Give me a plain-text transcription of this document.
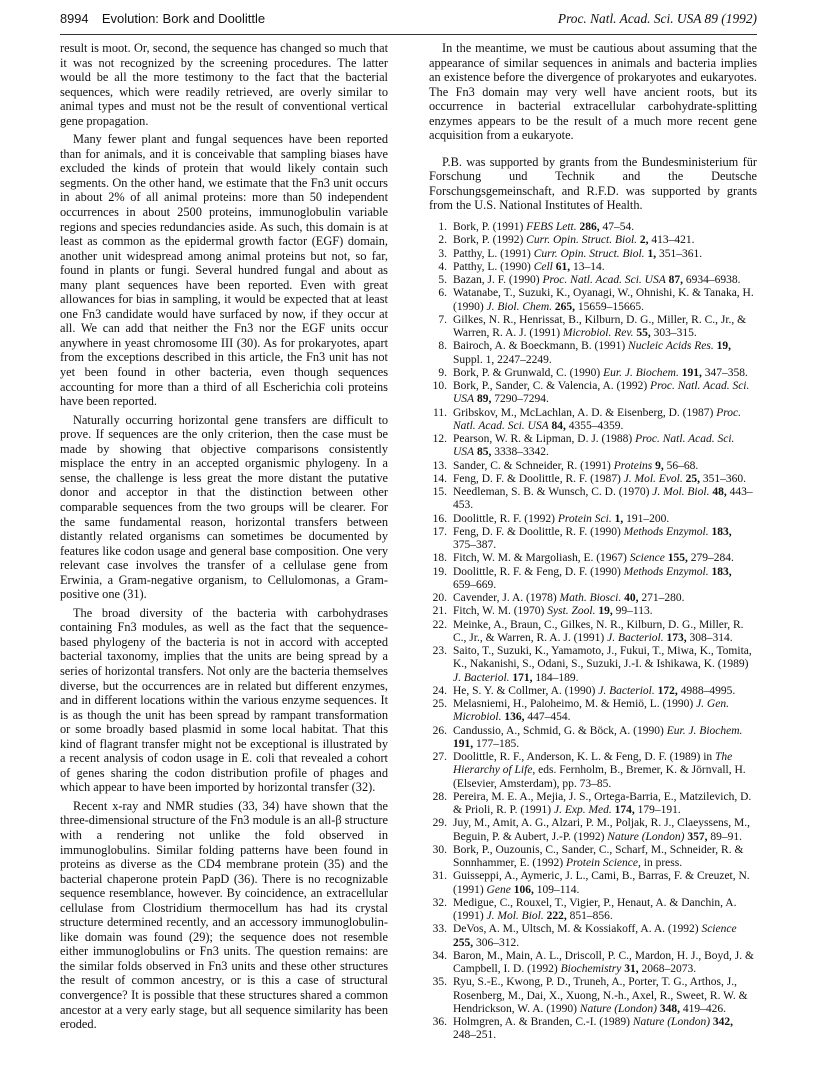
8994 Evolution: Bork and Doolittle	Proc. Natl. Acad. Sci. USA 89 (1992)

result is moot. Or, second, the sequence has changed so much that it was not recognized by the screening procedures. The latter would be all the more testimony to the fact that the bacterial sequences, which were readily retrieved, are overly similar to animal types and must not be the result of conventional vertical gene propagation.

Many fewer plant and fungal sequences have been reported than for animals, and it is conceivable that sampling biases have excluded the kinds of protein that would likely contain such segments. On the other hand, we estimate that the Fn3 unit occurs in about 2% of all animal proteins: more than 50 independent occurrences in about 2500 proteins, immunoglobulin variable regions and species redundancies aside. As such, this domain is at least as common as the epidermal growth factor (EGF) domain, another unit widespread among animal proteins but not, so far, found in plants or fungi. Several hundred fungal and about as many plant sequences have been reported. Even with great allowances for bias in sampling, it would be expected that at least one Fn3 candidate would have surfaced by now, if they occur at all. We can add that neither the Fn3 nor the EGF units occur anywhere in yeast chromosome III (30). As for prokaryotes, apart from the exceptions described in this article, the Fn3 unit has not yet been found in other bacteria, even though sequences accounting for more than a third of all Escherichia coli proteins have been reported.

Naturally occurring horizontal gene transfers are difficult to prove. If sequences are the only criterion, then the case must be made by showing that objective comparisons consistently misplace the entry in an accepted organismic phylogeny. In a sense, the challenge is less great the more distant the putative donor and acceptor in that the distinction between other comparable sequences from the two groups will be clearer. For the same fundamental reason, horizontal transfers between distantly related organisms can sometimes be documented by features like codon usage and general base composition. One very relevant case involves the transfer of a cellulase gene from Erwinia, a Gram-negative organism, to Cellulomonas, a Gram-positive one (31).

The broad diversity of the bacteria with carbohydrases containing Fn3 modules, as well as the fact that the sequence-based phylogeny of the bacteria is not in accord with accepted bacterial taxonomy, implies that the units are being spread by a series of horizontal transfers. Not only are the bacteria themselves diverse, but the occurrences are in related but different enzymes, and in different locations within the various enzyme sequences. It is as though the unit has been spread by rampant transformation or some broadly based plasmid in some local habitat. That this kind of flagrant transfer might not be exceptional is illustrated by a recent analysis of codon usage in E. coli that revealed a cohort of genes sharing the codon distribution profile of phages and which appear to have been imported by horizontal transfer (32).

Recent x-ray and NMR studies (33, 34) have shown that the three-dimensional structure of the Fn3 module is an all-β structure with a rendering not unlike the fold observed in immunoglobulins. Similar folding patterns have been found in proteins as diverse as the CD4 membrane protein (35) and the bacterial chaperone protein PapD (36). There is no recognizable sequence resemblance, however. By coincidence, an extracellular cellulase from Clostridium thermocellum has had its crystal structure determined recently, and an accessory immunoglobulin-like domain was found (29); the sequence does not resemble either immunoglobulins or Fn3 units. The question remains: are the similar folds observed in Fn3 units and these other structures the result of common ancestry, or is this a case of structural convergence? It is possible that these structures shared a common ancestor at a very early stage, but all sequence similarity has been eroded.

In the meantime, we must be cautious about assuming that the appearance of similar sequences in animals and bacteria implies an existence before the divergence of prokaryotes and eukaryotes. The Fn3 domain may very well have ancient roots, but its occurrence in bacterial extracellular carbohydrate-splitting enzymes appears to be the result of a much more recent gene acquisition from a eukaryote.

P.B. was supported by grants from the Bundesministerium für Forschung und Technik and the Deutsche Forschungsgemeinschaft, and R.F.D. was supported by grants from the U.S. National Institutes of Health.

1. Bork, P. (1991) FEBS Lett. 286, 47–54.
2. Bork, P. (1992) Curr. Opin. Struct. Biol. 2, 413–421.
3. Patthy, L. (1991) Curr. Opin. Struct. Biol. 1, 351–361.
4. Patthy, L. (1990) Cell 61, 13–14.
5. Bazan, J. F. (1990) Proc. Natl. Acad. Sci. USA 87, 6934–6938.
6. Watanabe, T., Suzuki, K., Oyanagi, W., Ohnishi, K. & Tanaka, H. (1990) J. Biol. Chem. 265, 15659–15665.
7. Gilkes, N. R., Henrissat, B., Kilburn, D. G., Miller, R. C., Jr., & Warren, R. A. J. (1991) Microbiol. Rev. 55, 303–315.
8. Bairoch, A. & Boeckmann, B. (1991) Nucleic Acids Res. 19, Suppl. 1, 2247–2249.
9. Bork, P. & Grunwald, C. (1990) Eur. J. Biochem. 191, 347–358.
10. Bork, P., Sander, C. & Valencia, A. (1992) Proc. Natl. Acad. Sci. USA 89, 7290–7294.
11. Gribskov, M., McLachlan, A. D. & Eisenberg, D. (1987) Proc. Natl. Acad. Sci. USA 84, 4355–4359.
12. Pearson, W. R. & Lipman, D. J. (1988) Proc. Natl. Acad. Sci. USA 85, 3338–3342.
13. Sander, C. & Schneider, R. (1991) Proteins 9, 56–68.
14. Feng, D. F. & Doolittle, R. F. (1987) J. Mol. Evol. 25, 351–360.
15. Needleman, S. B. & Wunsch, C. D. (1970) J. Mol. Biol. 48, 443–453.
16. Doolittle, R. F. (1992) Protein Sci. 1, 191–200.
17. Feng, D. F. & Doolittle, R. F. (1990) Methods Enzymol. 183, 375–387.
18. Fitch, W. M. & Margoliash, E. (1967) Science 155, 279–284.
19. Doolittle, R. F. & Feng, D. F. (1990) Methods Enzymol. 183, 659–669.
20. Cavender, J. A. (1978) Math. Biosci. 40, 271–280.
21. Fitch, W. M. (1970) Syst. Zool. 19, 99–113.
22. Meinke, A., Braun, C., Gilkes, N. R., Kilburn, D. G., Miller, R. C., Jr., & Warren, R. A. J. (1991) J. Bacteriol. 173, 308–314.
23. Saito, T., Suzuki, K., Yamamoto, J., Fukui, T., Miwa, K., Tomita, K., Nakanishi, S., Odani, S., Suzuki, J.-I. & Ishikawa, K. (1989) J. Bacteriol. 171, 184–189.
24. He, S. Y. & Collmer, A. (1990) J. Bacteriol. 172, 4988–4995.
25. Melasniemi, H., Paloheimo, M. & Hemiö, L. (1990) J. Gen. Microbiol. 136, 447–454.
26. Candussio, A., Schmid, G. & Böck, A. (1990) Eur. J. Biochem. 191, 177–185.
27. Doolittle, R. F., Anderson, K. L. & Feng, D. F. (1989) in The Hierarchy of Life, eds. Fernholm, B., Bremer, K. & Jörnvall, H. (Elsevier, Amsterdam), pp. 73–85.
28. Pereira, M. E. A., Mejia, J. S., Ortega-Barria, E., Matzilevich, D. & Prioli, R. P. (1991) J. Exp. Med. 174, 179–191.
29. Juy, M., Amit, A. G., Alzari, P. M., Poljak, R. J., Claeyssens, M., Beguin, P. & Aubert, J.-P. (1992) Nature (London) 357, 89–91.
30. Bork, P., Ouzounis, C., Sander, C., Scharf, M., Schneider, R. & Sonnhammer, E. (1992) Protein Science, in press.
31. Guisseppi, A., Aymeric, J. L., Cami, B., Barras, F. & Creuzet, N. (1991) Gene 106, 109–114.
32. Medigue, C., Rouxel, T., Vigier, P., Henaut, A. & Danchin, A. (1991) J. Mol. Biol. 222, 851–856.
33. DeVos, A. M., Ultsch, M. & Kossiakoff, A. A. (1992) Science 255, 306–312.
34. Baron, M., Main, A. L., Driscoll, P. C., Mardon, H. J., Boyd, J. & Campbell, I. D. (1992) Biochemistry 31, 2068–2073.
35. Ryu, S.-E., Kwong, P. D., Truneh, A., Porter, T. G., Arthos, J., Rosenberg, M., Dai, X., Xuong, N.-h., Axel, R., Sweet, R. W. & Hendrickson, W. A. (1990) Nature (London) 348, 419–426.
36. Holmgren, A. & Branden, C.-I. (1989) Nature (London) 342, 248–251.
